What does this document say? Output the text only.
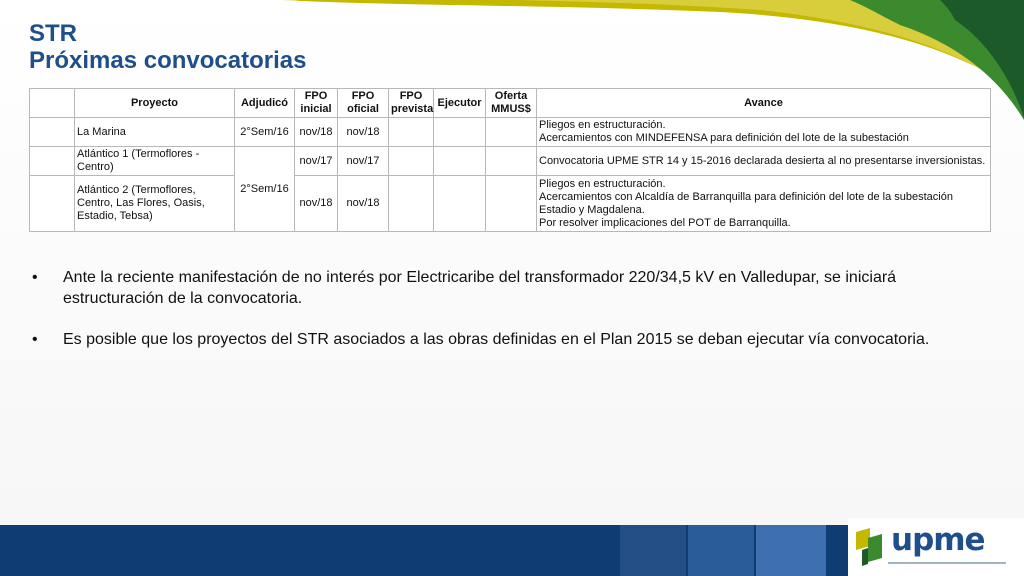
STR
Próximas convocatorias
	Proyecto	Adjudicó	FPO inicial	FPO oficial	FPO prevista	Ejecutor	Oferta MMUS$	Avance
	La Marina	2°Sem/16	nov/18	nov/18				Pliegos en estructuración.
Acercamientos con MINDEFENSA para definición del lote de la subestación

	Atlántico 1 (Termoflores - Centro)	2°Sem/16	nov/17	nov/17				Convocatoria UPME STR 14 y 15-2016 declarada desierta al no presentarse inversionistas.

	Atlántico 2 (Termoflores, Centro, Las Flores, Oasis, Estadio, Tebsa)		nov/18	nov/18				Pliegos en estructuración.
Acercamientos con Alcaldía de Barranquilla para definición del lote de la subestación Estadio y Magdalena.
Por resolver implicaciones del POT de Barranquilla.
•	Ante la reciente manifestación de no interés por Electricaribe del transformador 220/34,5 kV en Valledupar, se iniciará estructuración de la convocatoria.
•	Es posible que los proyectos del STR asociados a las obras definidas en el Plan 2015 se deban ejecutar vía convocatoria.
upme
